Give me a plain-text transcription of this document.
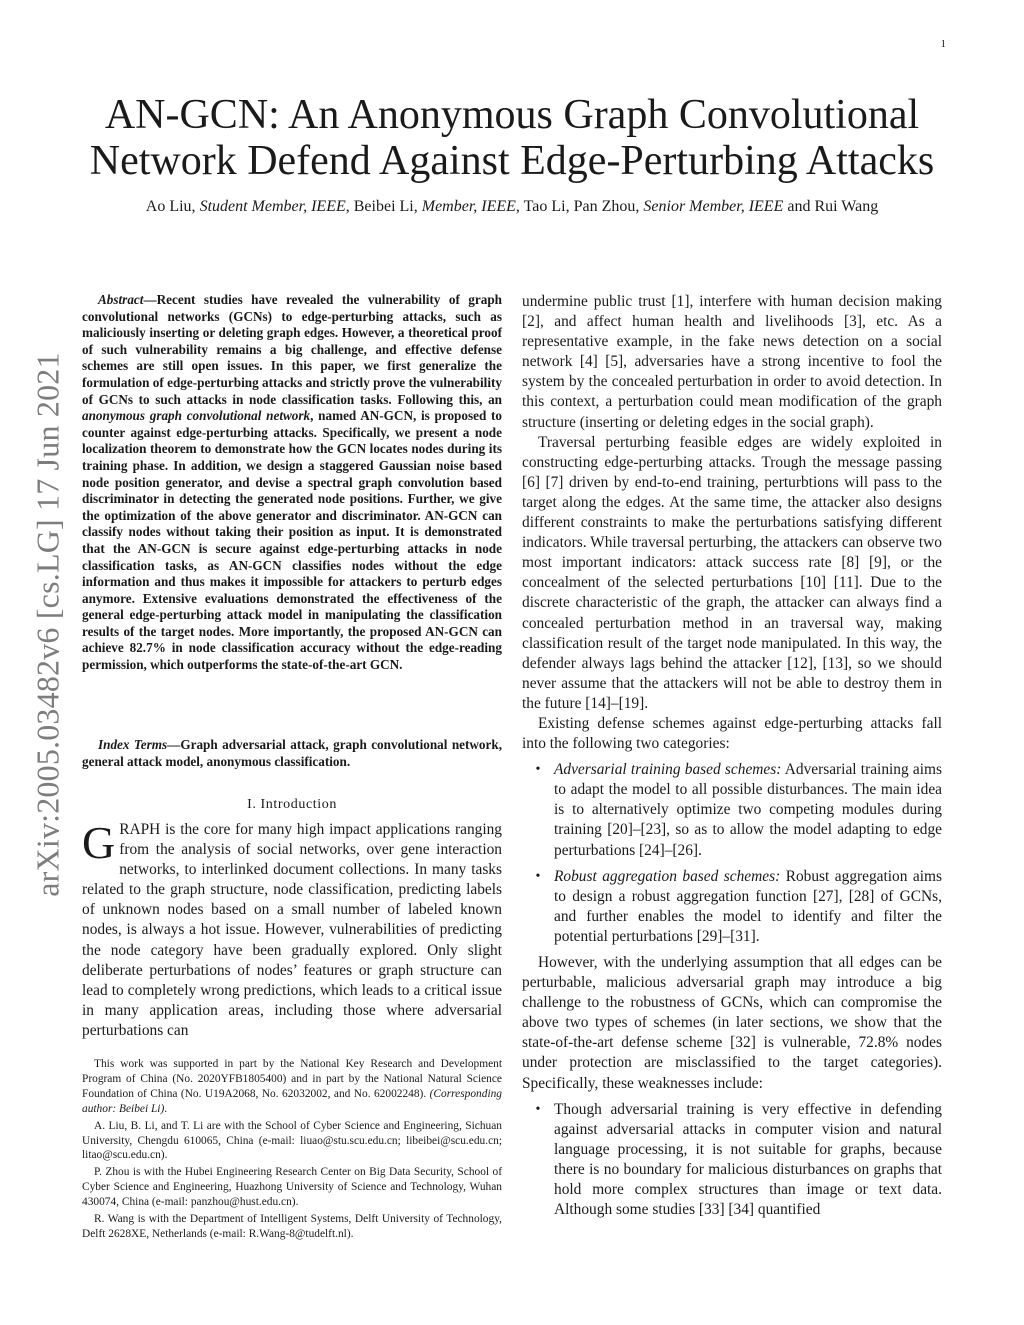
1
arXiv:2005.03482v6 [cs.LG] 17 Jun 2021
AN-GCN: An Anonymous Graph Convolutional
Network Defend Against Edge-Perturbing Attacks
Ao Liu, Student Member, IEEE, Beibei Li, Member, IEEE, Tao Li, Pan Zhou, Senior Member, IEEE and Rui Wang

Abstract—Recent studies have revealed the vulnerability of graph convolutional networks (GCNs) to edge-perturbing attacks, such as maliciously inserting or deleting graph edges. However, a theoretical proof of such vulnerability remains a big challenge, and effective defense schemes are still open issues. In this paper, we first generalize the formulation of edge-perturbing attacks and strictly prove the vulnerability of GCNs to such attacks in node classification tasks. Following this, an anonymous graph convolutional network, named AN-GCN, is proposed to counter against edge-perturbing attacks. Specifically, we present a node localization theorem to demonstrate how the GCN locates nodes during its training phase. In addition, we design a staggered Gaussian noise based node position generator, and devise a spectral graph convolution based discriminator in detecting the generated node positions. Further, we give the optimization of the above generator and discriminator. AN-GCN can classify nodes without taking their position as input. It is demonstrated that the AN-GCN is secure against edge-perturbing attacks in node classification tasks, as AN-GCN classifies nodes without the edge information and thus makes it impossible for attackers to perturb edges anymore. Extensive evaluations demonstrated the effectiveness of the general edge-perturbing attack model in manipulating the classification results of the target nodes. More importantly, the proposed AN-GCN can achieve 82.7% in node classification accuracy without the edge-reading permission, which outperforms the state-of-the-art GCN.

Index Terms—Graph adversarial attack, graph convolutional network, general attack model, anonymous classification.
I. Introduction

GRAPH is the core for many high impact applications ranging from the analysis of social networks, over gene interaction networks, to interlinked document collections. In many tasks related to the graph structure, node classification, predicting labels of unknown nodes based on a small number of labeled known nodes, is always a hot issue. However, vulnerabilities of predicting the node category have been gradually explored. Only slight deliberate perturbations of nodes’ features or graph structure can lead to completely wrong predictions, which leads to a critical issue in many application areas, including those where adversarial perturbations can

This work was supported in part by the National Key Research and Development Program of China (No. 2020YFB1805400) and in part by the National Natural Science Foundation of China (No. U19A2068, No. 62032002, and No. 62002248). (Corresponding author: Beibei Li).

A. Liu, B. Li, and T. Li are with the School of Cyber Science and Engineering, Sichuan University, Chengdu 610065, China (e-mail: liuao@stu.scu.edu.cn; libeibei@scu.edu.cn; litao@scu.edu.cn).

P. Zhou is with the Hubei Engineering Research Center on Big Data Security, School of Cyber Science and Engineering, Huazhong University of Science and Technology, Wuhan 430074, China (e-mail: panzhou@hust.edu.cn).

R. Wang is with the Department of Intelligent Systems, Delft University of Technology, Delft 2628XE, Netherlands (e-mail: R.Wang-8@tudelft.nl).

undermine public trust [1], interfere with human decision making [2], and affect human health and livelihoods [3], etc. As a representative example, in the fake news detection on a social network [4] [5], adversaries have a strong incentive to fool the system by the concealed perturbation in order to avoid detection. In this context, a perturbation could mean modification of the graph structure (inserting or deleting edges in the social graph).

Traversal perturbing feasible edges are widely exploited in constructing edge-perturbing attacks. Trough the message passing [6] [7] driven by end-to-end training, perturbtions will pass to the target along the edges. At the same time, the attacker also designs different constraints to make the perturbations satisfying different indicators. While traversal perturbing, the attackers can observe two most important indicators: attack success rate [8] [9], or the concealment of the selected perturbations [10] [11]. Due to the discrete characteristic of the graph, the attacker can always find a concealed perturbation method in an traversal way, making classification result of the target node manipulated. In this way, the defender always lags behind the attacker [12], [13], so we should never assume that the attackers will not be able to destroy them in the future [14]–[19].

Existing defense schemes against edge-perturbing attacks fall into the following two categories:

• Adversarial training based schemes: Adversarial training aims to adapt the model to all possible disturbances. The main idea is to alternatively optimize two competing modules during training [20]–[23], so as to allow the model adapting to edge perturbations [24]–[26].
• Robust aggregation based schemes: Robust aggregation aims to design a robust aggregation function [27], [28] of GCNs, and further enables the model to identify and filter the potential perturbations [29]–[31].

However, with the underlying assumption that all edges can be perturbable, malicious adversarial graph may introduce a big challenge to the robustness of GCNs, which can compromise the above two types of schemes (in later sections, we show that the state-of-the-art defense scheme [32] is vulnerable, 72.8% nodes under protection are misclassified to the target categories). Specifically, these weaknesses include:

• Though adversarial training is very effective in defending against adversarial attacks in computer vision and natural language processing, it is not suitable for graphs, because there is no boundary for malicious disturbances on graphs that hold more complex structures than image or text data. Although some studies [33] [34] quantified
